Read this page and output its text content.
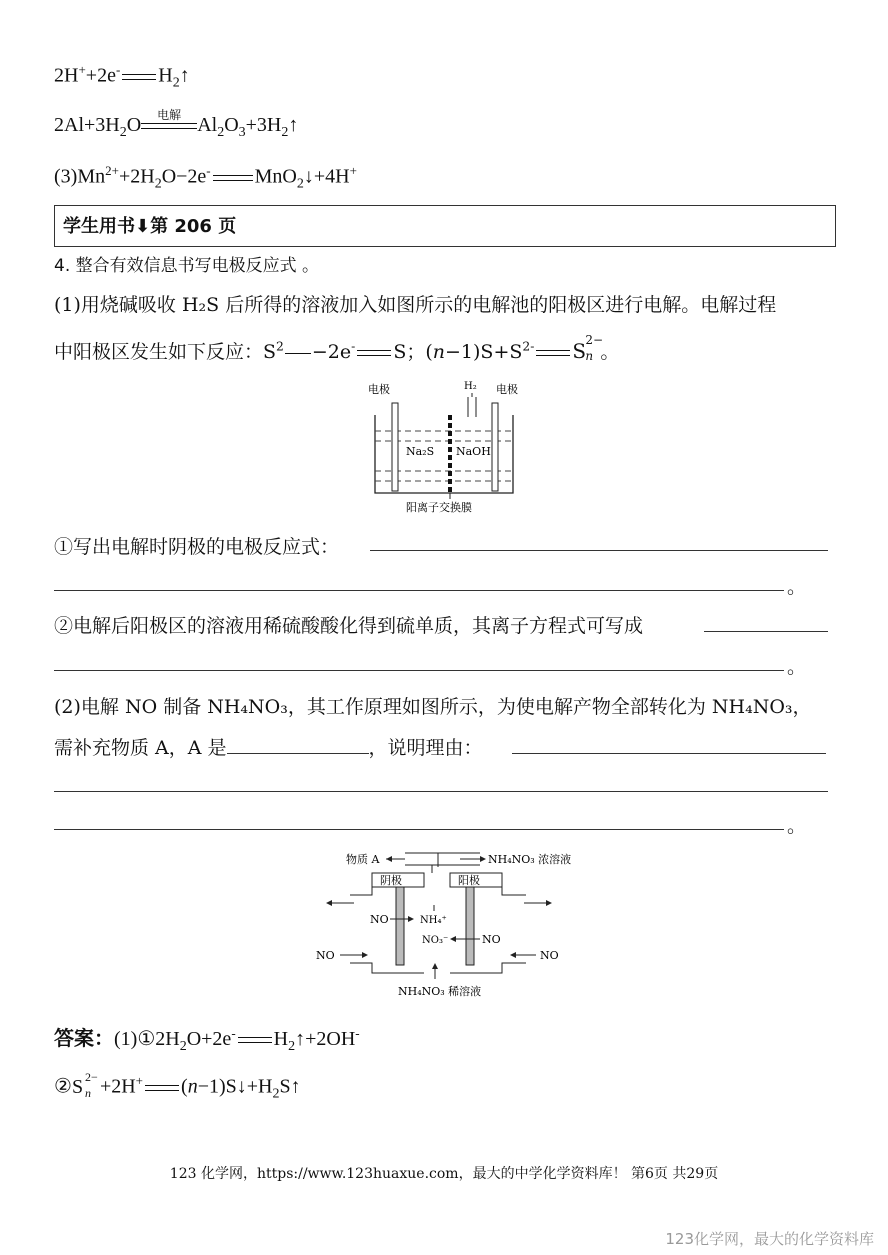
2H++2e- $H_2↑$
$2Al+3H_2O$	电解 $Al_2O_3+3H_2↑$
$(3)Mn^{2+}+2H_2O-2e^-$ MnO$_2$↓+4H+
学生用书⬇第 206 页
4. 整合有效信息书写电极反应式 。
(1)用烧碱吸收 H₂S 后所得的溶液加入如图所示的电解池的阳极区进行电解。电解过程
中阳极区发生如下反应：$S^2 -2e^-$ S；$(n-1)S+S^{2-}$ S 2−
n 。
电极	H₂ 电极
Na₂S NaOH
阳离子交换膜
①写出电解时阴极的电极反应式：
。
②电解后阳极区的溶液用稀硫酸酸化得到硫单质，其离子方程式可写成
。
(2)电解 NO 制备 NH₄NO₃，其工作原理如图所示，为使电解产物全部转化为 NH₄NO₃，
需补充物质 A，A 是	，说明理由：
。
物质 A	NH₄NO₃ 浓溶液
阴极	阳极
NO	NH₄⁺
NO₃⁻	NO
NO	NO
NH₄NO₃ 稀溶液
答案：$(1)①2H_2O+2e^-$ $H_2↑+2OH^-$
②S 2−
n +2H+ $(n-1)S↓+H_2S↑$
123 化学网，https://www.123huaxue.com，最大的中学化学资料库！ 第6页 共29页
123化学网，最大的化学资料库
